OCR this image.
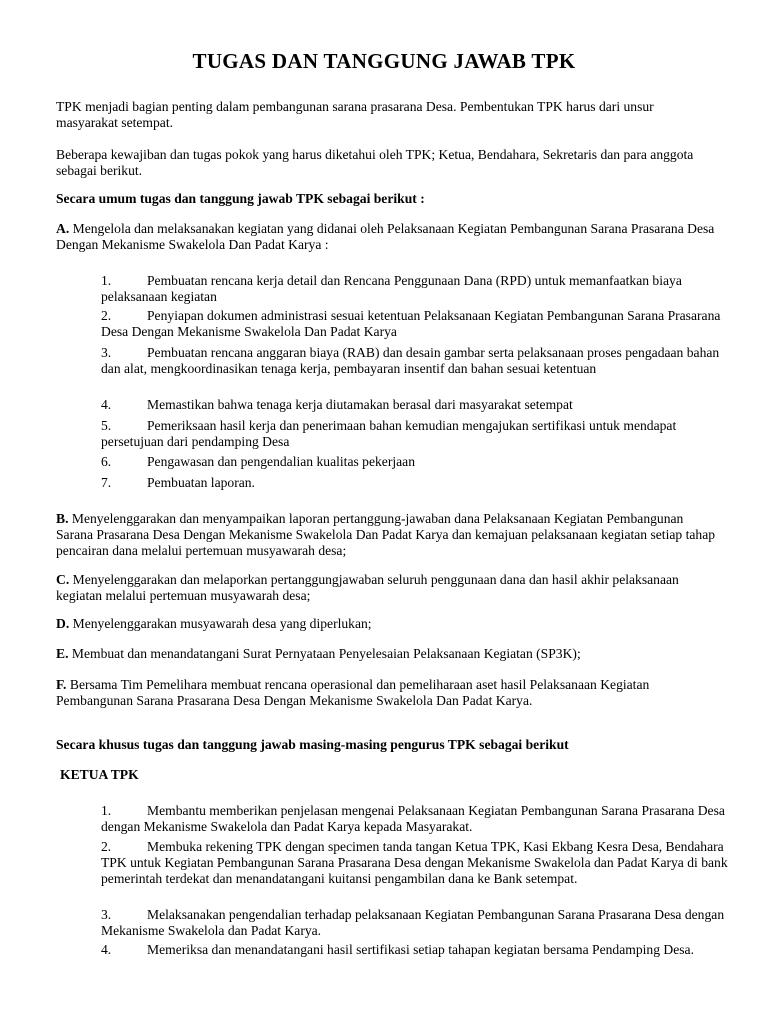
TUGAS DAN TANGGUNG JAWAB TPK

TPK menjadi bagian penting dalam pembangunan sarana prasarana Desa. Pembentukan TPK harus dari unsur masyarakat setempat.

Beberapa kewajiban dan tugas pokok yang harus diketahui oleh TPK; Ketua, Bendahara, Sekretaris dan para anggota sebagai berikut.

Secara umum tugas dan tanggung jawab TPK sebagai berikut :

A. Mengelola dan melaksanakan kegiatan yang didanai oleh Pelaksanaan Kegiatan Pembangunan Sarana Prasarana Desa Dengan Mekanisme Swakelola Dan Padat Karya :

1.	Pembuatan rencana kerja detail dan Rencana Penggunaan Dana (RPD) untuk memanfaatkan biaya pelaksanaan kegiatan

2.	Penyiapan dokumen administrasi sesuai ketentuan Pelaksanaan Kegiatan Pembangunan Sarana Prasarana Desa Dengan Mekanisme Swakelola Dan Padat Karya

3.	Pembuatan rencana anggaran biaya (RAB) dan desain gambar serta pelaksanaan proses pengadaan bahan dan alat, mengkoordinasikan tenaga kerja, pembayaran insentif dan bahan sesuai ketentuan

4.	Memastikan bahwa tenaga kerja diutamakan berasal dari masyarakat setempat

5.	Pemeriksaan hasil kerja dan penerimaan bahan kemudian mengajukan sertifikasi untuk mendapat persetujuan dari pendamping Desa

6.	Pengawasan dan pengendalian kualitas pekerjaan

7.	Pembuatan laporan.

B. Menyelenggarakan dan menyampaikan laporan pertanggung-jawaban dana Pelaksanaan Kegiatan Pembangunan Sarana Prasarana Desa Dengan Mekanisme Swakelola Dan Padat Karya dan kemajuan pelaksanaan kegiatan setiap tahap pencairan dana melalui pertemuan musyawarah desa;

C. Menyelenggarakan dan melaporkan pertanggungjawaban seluruh penggunaan dana dan hasil akhir pelaksanaan kegiatan melalui pertemuan musyawarah desa;

D. Menyelenggarakan musyawarah desa yang diperlukan;

E. Membuat dan menandatangani Surat Pernyataan Penyelesaian Pelaksanaan Kegiatan (SP3K);

F. Bersama Tim Pemelihara membuat rencana operasional dan pemeliharaan aset hasil Pelaksanaan Kegiatan Pembangunan Sarana Prasarana Desa Dengan Mekanisme Swakelola Dan Padat Karya.

Secara khusus tugas dan tanggung jawab masing-masing pengurus TPK sebagai berikut

KETUA TPK

1.	Membantu memberikan penjelasan mengenai Pelaksanaan Kegiatan Pembangunan Sarana Prasarana Desa dengan Mekanisme Swakelola dan Padat Karya kepada Masyarakat.

2.	Membuka rekening TPK dengan specimen tanda tangan Ketua TPK, Kasi Ekbang Kesra Desa, Bendahara TPK untuk Kegiatan Pembangunan Sarana Prasarana Desa dengan Mekanisme Swakelola dan Padat Karya di bank pemerintah terdekat dan menandatangani kuitansi pengambilan dana ke Bank setempat.

3.	Melaksanakan pengendalian terhadap pelaksanaan Kegiatan Pembangunan Sarana Prasarana Desa dengan Mekanisme Swakelola dan Padat Karya.

4.	Memeriksa dan menandatangani hasil sertifikasi setiap tahapan kegiatan bersama Pendamping Desa.
